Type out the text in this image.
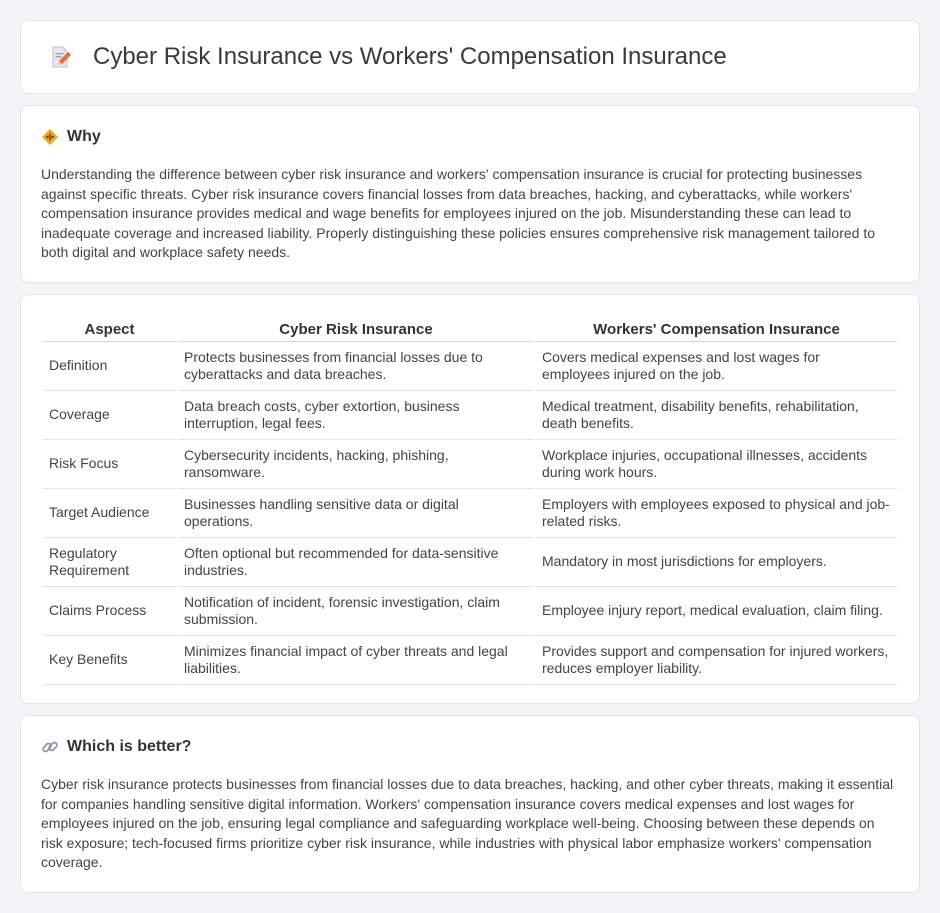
Cyber Risk Insurance vs Workers' Compensation Insurance
Why

Understanding the difference between cyber risk insurance and workers' compensation insurance is crucial for protecting businesses against specific threats. Cyber risk insurance covers financial losses from data breaches, hacking, and cyberattacks, while workers' compensation insurance provides medical and wage benefits for employees injured on the job. Misunderstanding these can lead to inadequate coverage and increased liability. Properly distinguishing these policies ensures comprehensive risk management tailored to both digital and workplace safety needs.

Aspect	Cyber Risk Insurance	Workers' Compensation Insurance
Definition	Protects businesses from financial losses due to cyberattacks and data breaches.	Covers medical expenses and lost wages for employees injured on the job.
Coverage	Data breach costs, cyber extortion, business interruption, legal fees.	Medical treatment, disability benefits, rehabilitation, death benefits.
Risk Focus	Cybersecurity incidents, hacking, phishing, ransomware.	Workplace injuries, occupational illnesses, accidents during work hours.
Target Audience	Businesses handling sensitive data or digital operations.	Employers with employees exposed to physical and job-related risks.
Regulatory Requirement	Often optional but recommended for data-sensitive industries.	Mandatory in most jurisdictions for employers.
Claims Process	Notification of incident, forensic investigation, claim submission.	Employee injury report, medical evaluation, claim filing.
Key Benefits	Minimizes financial impact of cyber threats and legal liabilities.	Provides support and compensation for injured workers, reduces employer liability.
Which is better?

Cyber risk insurance protects businesses from financial losses due to data breaches, hacking, and other cyber threats, making it essential for companies handling sensitive digital information. Workers' compensation insurance covers medical expenses and lost wages for employees injured on the job, ensuring legal compliance and safeguarding workplace well-being. Choosing between these depends on risk exposure; tech-focused firms prioritize cyber risk insurance, while industries with physical labor emphasize workers' compensation coverage.
